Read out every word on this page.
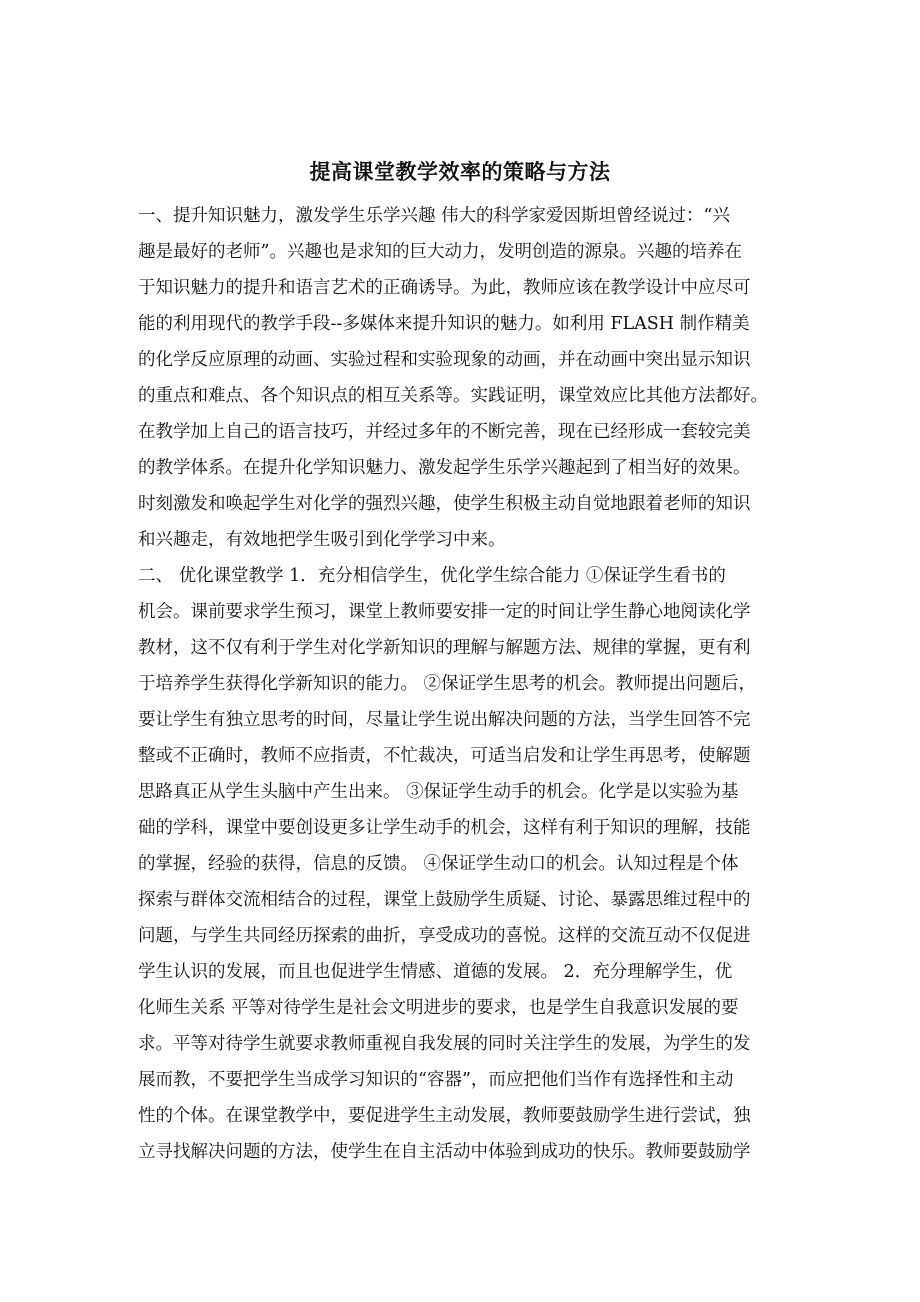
提高课堂教学效率的策略与方法
一、提升知识魅力，激发学生乐学兴趣 伟大的科学家爱因斯坦曾经说过：“兴
趣是最好的老师”。兴趣也是求知的巨大动力，发明创造的源泉。兴趣的培养在
于知识魅力的提升和语言艺术的正确诱导。为此，教师应该在教学设计中应尽可
能的利用现代的教学手段--多媒体来提升知识的魅力。如利用 FLASH 制作精美
的化学反应原理的动画、实验过程和实验现象的动画，并在动画中突出显示知识
的重点和难点、各个知识点的相互关系等。实践证明，课堂效应比其他方法都好。
在教学加上自己的语言技巧，并经过多年的不断完善，现在已经形成一套较完美
的教学体系。在提升化学知识魅力、激发起学生乐学兴趣起到了相当好的效果。
时刻激发和唤起学生对化学的强烈兴趣，使学生积极主动自觉地跟着老师的知识
和兴趣走，有效地把学生吸引到化学学习中来。
二、 优化课堂教学 1．充分相信学生，优化学生综合能力 ①保证学生看书的
机会。课前要求学生预习，课堂上教师要安排一定的时间让学生静心地阅读化学
教材，这不仅有利于学生对化学新知识的理解与解题方法、规律的掌握，更有利
于培养学生获得化学新知识的能力。 ②保证学生思考的机会。教师提出问题后，
要让学生有独立思考的时间，尽量让学生说出解决问题的方法，当学生回答不完
整或不正确时，教师不应指责，不忙裁决，可适当启发和让学生再思考，使解题
思路真正从学生头脑中产生出来。 ③保证学生动手的机会。化学是以实验为基
础的学科，课堂中要创设更多让学生动手的机会，这样有利于知识的理解，技能
的掌握，经验的获得，信息的反馈。 ④保证学生动口的机会。认知过程是个体
探索与群体交流相结合的过程，课堂上鼓励学生质疑、讨论、暴露思维过程中的
问题，与学生共同经历探索的曲折，享受成功的喜悦。这样的交流互动不仅促进
学生认识的发展，而且也促进学生情感、道德的发展。 2．充分理解学生，优
化师生关系 平等对待学生是社会文明进步的要求，也是学生自我意识发展的要
求。平等对待学生就要求教师重视自我发展的同时关注学生的发展，为学生的发
展而教，不要把学生当成学习知识的“容器”，而应把他们当作有选择性和主动
性的个体。在课堂教学中，要促进学生主动发展，教师要鼓励学生进行尝试，独
立寻找解决问题的方法，使学生在自主活动中体验到成功的快乐。教师要鼓励学
